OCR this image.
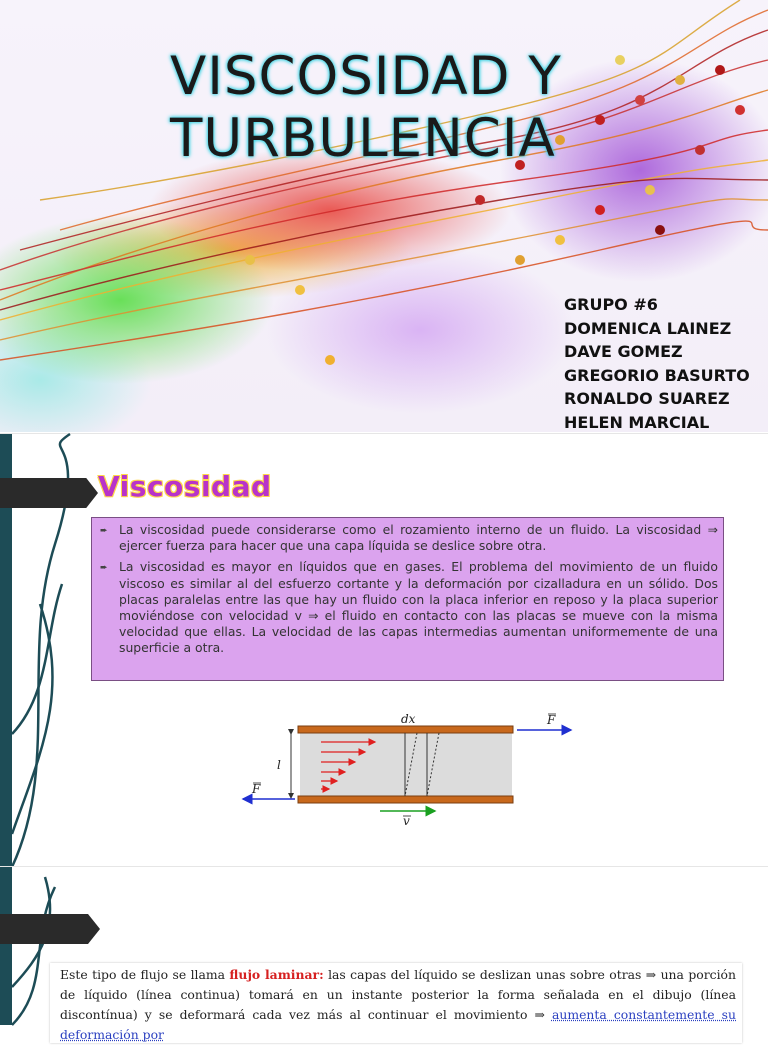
VISCOSIDAD Y
TURBULENCIA
GRUPO #6
DOMENICA LAINEZ
DAVE GOMEZ
GREGORIO BASURTO
RONALDO SUAREZ
HELEN MARCIAL
Viscosidad
➨ La viscosidad puede considerarse como el rozamiento interno de un fluido. La viscosidad ⇒ ejercer fuerza para hacer que una capa líquida se deslice sobre otra.
➨ La viscosidad es mayor en líquidos que en gases. El problema del movimiento de un fluido viscoso es similar al del esfuerzo cortante y la deformación por cizalladura en un sólido. Dos placas paralelas entre las que hay un fluido con la placa inferior en reposo y la placa superior moviéndose con velocidad v ⇒ el fluido en contacto con las placas se mueve con la misma velocidad que ellas. La velocidad de las capas intermedias aumentan uniformemente de una superficie a otra.
dx
l
F
F
v

Este tipo de flujo se llama flujo laminar: las capas del líquido se deslizan unas sobre otras ⇒ una porción de líquido (línea continua) tomará en un instante posterior la forma señalada en el dibujo (línea discontínua) y se deformará cada vez más al continuar el movimiento ⇒ aumenta constantemente su deformación por
